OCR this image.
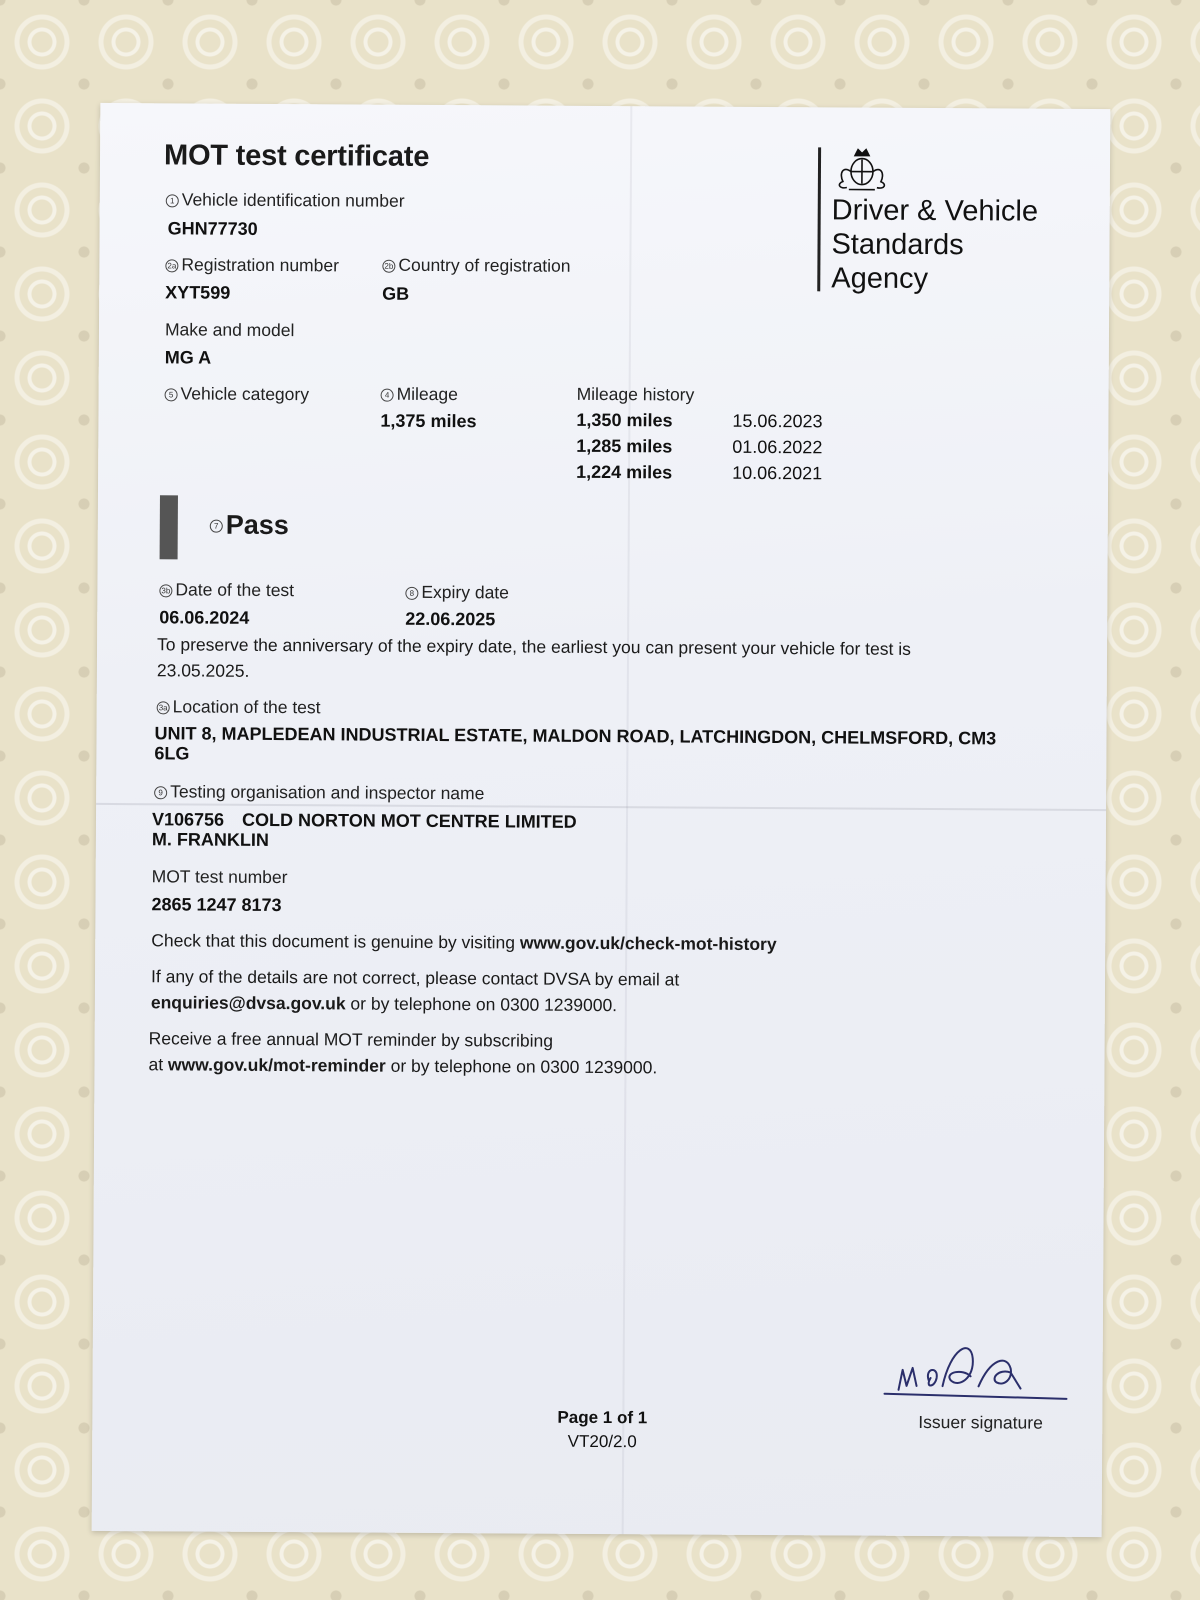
MOT test certificate
Driver & Vehicle
Standards
Agency
1 Vehicle identification number
GHN77730
2a Registration number
XYT599
2b Country of registration
GB
Make and model
MG A
5 Vehicle category	4 Mileage
1,375 miles
Mileage history
1,350 miles	15.06.2023
1,285 miles	01.06.2022
1,224 miles	10.06.2021
7 Pass
3b Date of the test
06.06.2024
8 Expiry date
22.06.2025
To preserve the anniversary of the expiry date, the earliest you can present your vehicle for test is
23.05.2025.
3a Location of the test
UNIT 8, MAPLEDEAN INDUSTRIAL ESTATE, MALDON ROAD, LATCHINGDON, CHELMSFORD, CM3
6LG
9 Testing organisation and inspector name
V106756 COLD NORTON MOT CENTRE LIMITED
M. FRANKLIN
MOT test number
2865 1247 8173
Check that this document is genuine by visiting www.gov.uk/check-mot-history
If any of the details are not correct, please contact DVSA by email at
enquiries@dvsa.gov.uk or by telephone on 0300 1239000.
Receive a free annual MOT reminder by subscribing
at www.gov.uk/mot-reminder or by telephone on 0300 1239000.
Issuer signature
Page 1 of 1
VT20/2.0
